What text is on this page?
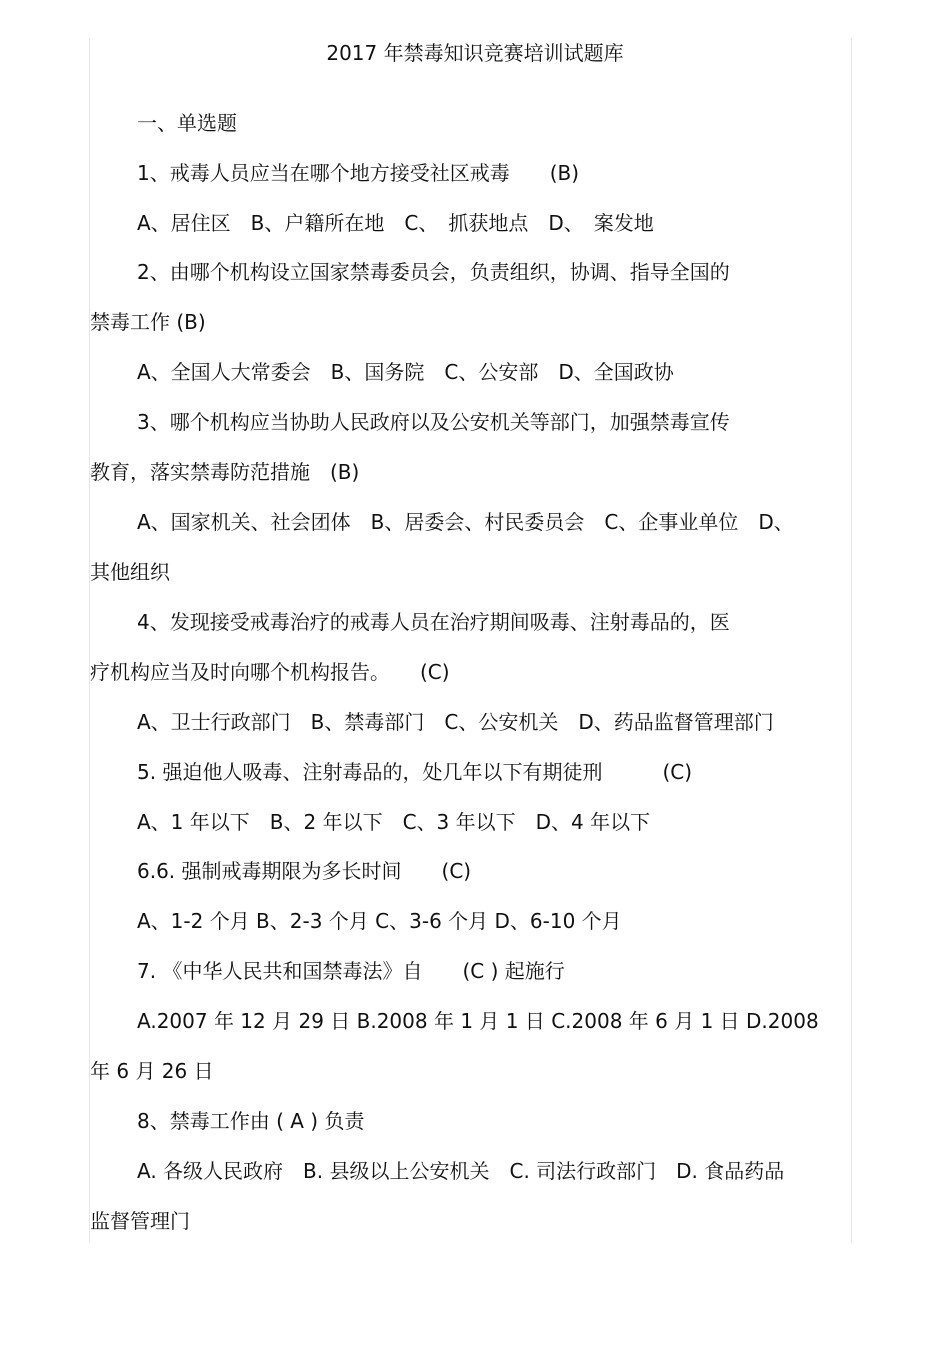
2017 年禁毒知识竞赛培训试题库
一、单选题
1、戒毒人员应当在哪个地方接受社区戒毒　　(B)
A、居住区　B、户籍所在地　C、　抓获地点　D、　案发地
2、由哪个机构设立国家禁毒委员会，负责组织，协调、指导全国的
禁毒工作 (B)
A、全国人大常委会　B、国务院　C、公安部　D、全国政协
3、哪个机构应当协助人民政府以及公安机关等部门，加强禁毒宣传
教育，落实禁毒防范措施　(B)
A、国家机关、社会团体　B、居委会、村民委员会　C、企事业单位　D、
其他组织
4、发现接受戒毒治疗的戒毒人员在治疗期间吸毒、注射毒品的，医
疗机构应当及时向哪个机构报告。　　(C)
A、卫士行政部门　B、禁毒部门　C、公安机关　D、药品监督管理部门
5. 强迫他人吸毒、注射毒品的，处几年以下有期徒刑　　　(C)
A、1 年以下　B、2 年以下　C、3 年以下　D、4 年以下
6.6. 强制戒毒期限为多长时间　　(C)
A、1-2 个月 B、2-3 个月 C、3-6 个月 D、6-10 个月
7. 《中华人民共和国禁毒法》自　　(C ) 起施行
A.2007 年 12 月 29 日 B.2008 年 1 月 1 日 C.2008 年 6 月 1 日 D.2008
年 6 月 26 日
8、禁毒工作由 ( A ) 负责
A. 各级人民政府　B. 县级以上公安机关　C. 司法行政部门　D. 食品药品
监督管理门
